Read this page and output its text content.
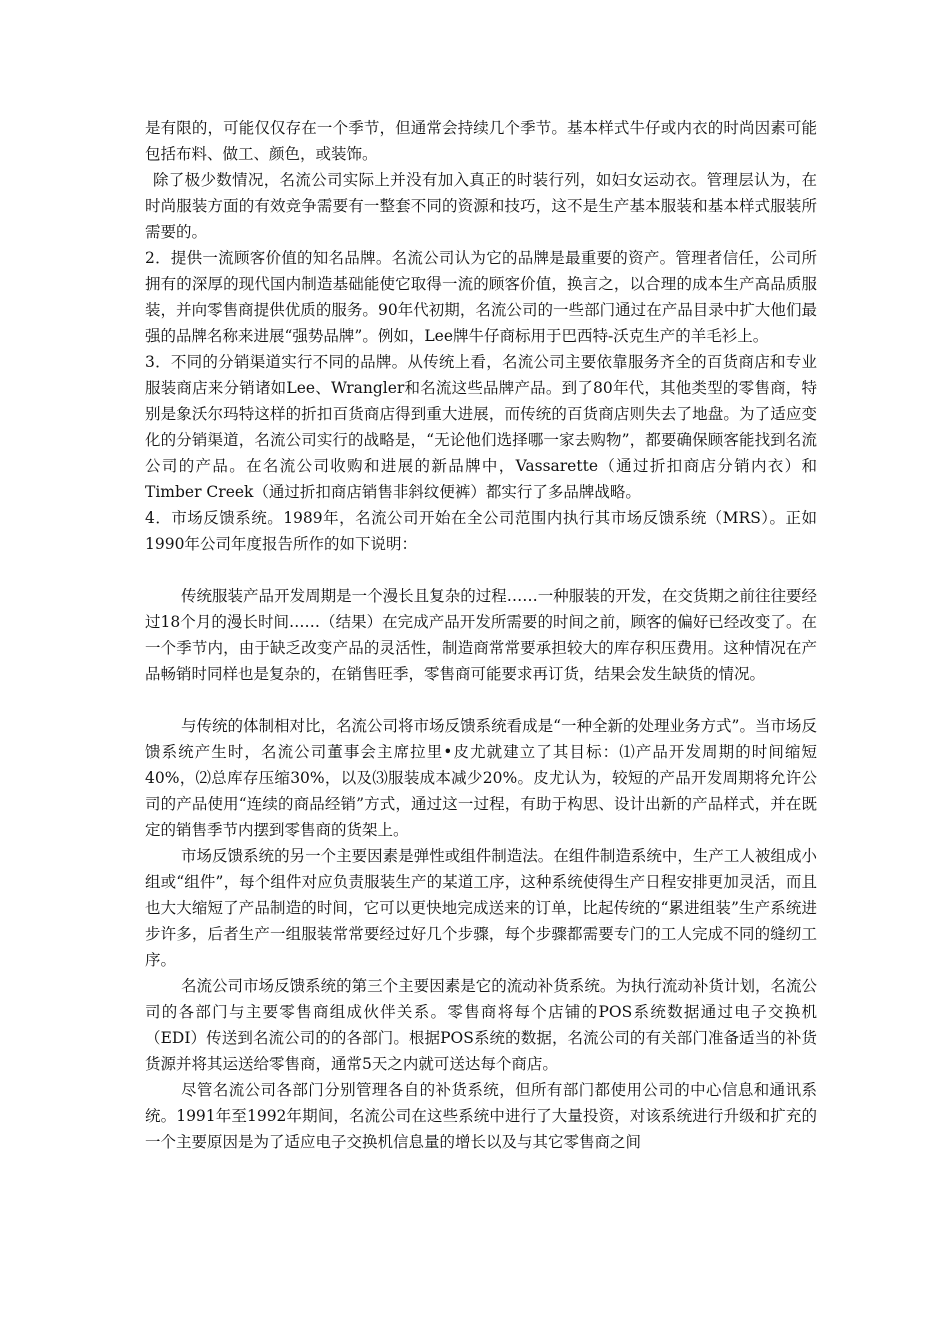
是有限的，可能仅仅存在一个季节，但通常会持续几个季节。基本样式牛仔或内衣的时尚因素可能包括布料、做工、颜色，或装饰。

除了极少数情况，名流公司实际上并没有加入真正的时装行列，如妇女运动衣。管理层认为，在时尚服装方面的有效竞争需要有一整套不同的资源和技巧，这不是生产基本服装和基本样式服装所需要的。

2．提供一流顾客价值的知名品牌。名流公司认为它的品牌是最重要的资产。管理者信任，公司所拥有的深厚的现代国内制造基础能使它取得一流的顾客价值，换言之，以合理的成本生产高品质服装，并向零售商提供优质的服务。90年代初期，名流公司的一些部门通过在产品目录中扩大他们最强的品牌名称来进展“强势品牌”。例如，Lee牌牛仔商标用于巴西特-沃克生产的羊毛衫上。

3．不同的分销渠道实行不同的品牌。从传统上看，名流公司主要依靠服务齐全的百货商店和专业服装商店来分销诸如Lee、Wrangler和名流这些品牌产品。到了80年代，其他类型的零售商，特别是象沃尔玛特这样的折扣百货商店得到重大进展，而传统的百货商店则失去了地盘。为了适应变化的分销渠道，名流公司实行的战略是，“无论他们选择哪一家去购物”，都要确保顾客能找到名流公司的产品。在名流公司收购和进展的新品牌中，Vassarette（通过折扣商店分销内衣）和Timber Creek（通过折扣商店销售非斜纹便裤）都实行了多品牌战略。

4．市场反馈系统。1989年，名流公司开始在全公司范围内执行其市场反馈系统（MRS）。正如1990年公司年度报告所作的如下说明：

传统服装产品开发周期是一个漫长且复杂的过程……一种服装的开发，在交货期之前往往要经过18个月的漫长时间……（结果）在完成产品开发所需要的时间之前，顾客的偏好已经改变了。在一个季节内，由于缺乏改变产品的灵活性，制造商常常要承担较大的库存积压费用。这种情况在产品畅销时同样也是复杂的，在销售旺季，零售商可能要求再订货，结果会发生缺货的情况。

与传统的体制相对比，名流公司将市场反馈系统看成是“一种全新的处理业务方式”。当市场反馈系统产生时，名流公司董事会主席拉里•皮尤就建立了其目标：⑴产品开发周期的时间缩短40%，⑵总库存压缩30%，以及⑶服装成本减少20%。皮尤认为，较短的产品开发周期将允许公司的产品使用“连续的商品经销”方式，通过这一过程，有助于构思、设计出新的产品样式，并在既定的销售季节内摆到零售商的货架上。

市场反馈系统的另一个主要因素是弹性或组件制造法。在组件制造系统中，生产工人被组成小组或“组件”，每个组件对应负责服装生产的某道工序，这种系统使得生产日程安排更加灵活，而且也大大缩短了产品制造的时间，它可以更快地完成送来的订单，比起传统的“累进组装”生产系统进步许多，后者生产一组服装常常要经过好几个步骤，每个步骤都需要专门的工人完成不同的缝纫工序。

名流公司市场反馈系统的第三个主要因素是它的流动补货系统。为执行流动补货计划，名流公司的各部门与主要零售商组成伙伴关系。零售商将每个店铺的POS系统数据通过电子交换机（EDI）传送到名流公司的的各部门。根据POS系统的数据，名流公司的有关部门准备适当的补货货源并将其运送给零售商，通常5天之内就可送达每个商店。

尽管名流公司各部门分别管理各自的补货系统，但所有部门都使用公司的中心信息和通讯系统。1991年至1992年期间，名流公司在这些系统中进行了大量投资，对该系统进行升级和扩充的一个主要原因是为了适应电子交换机信息量的增长以及与其它零售商之间
